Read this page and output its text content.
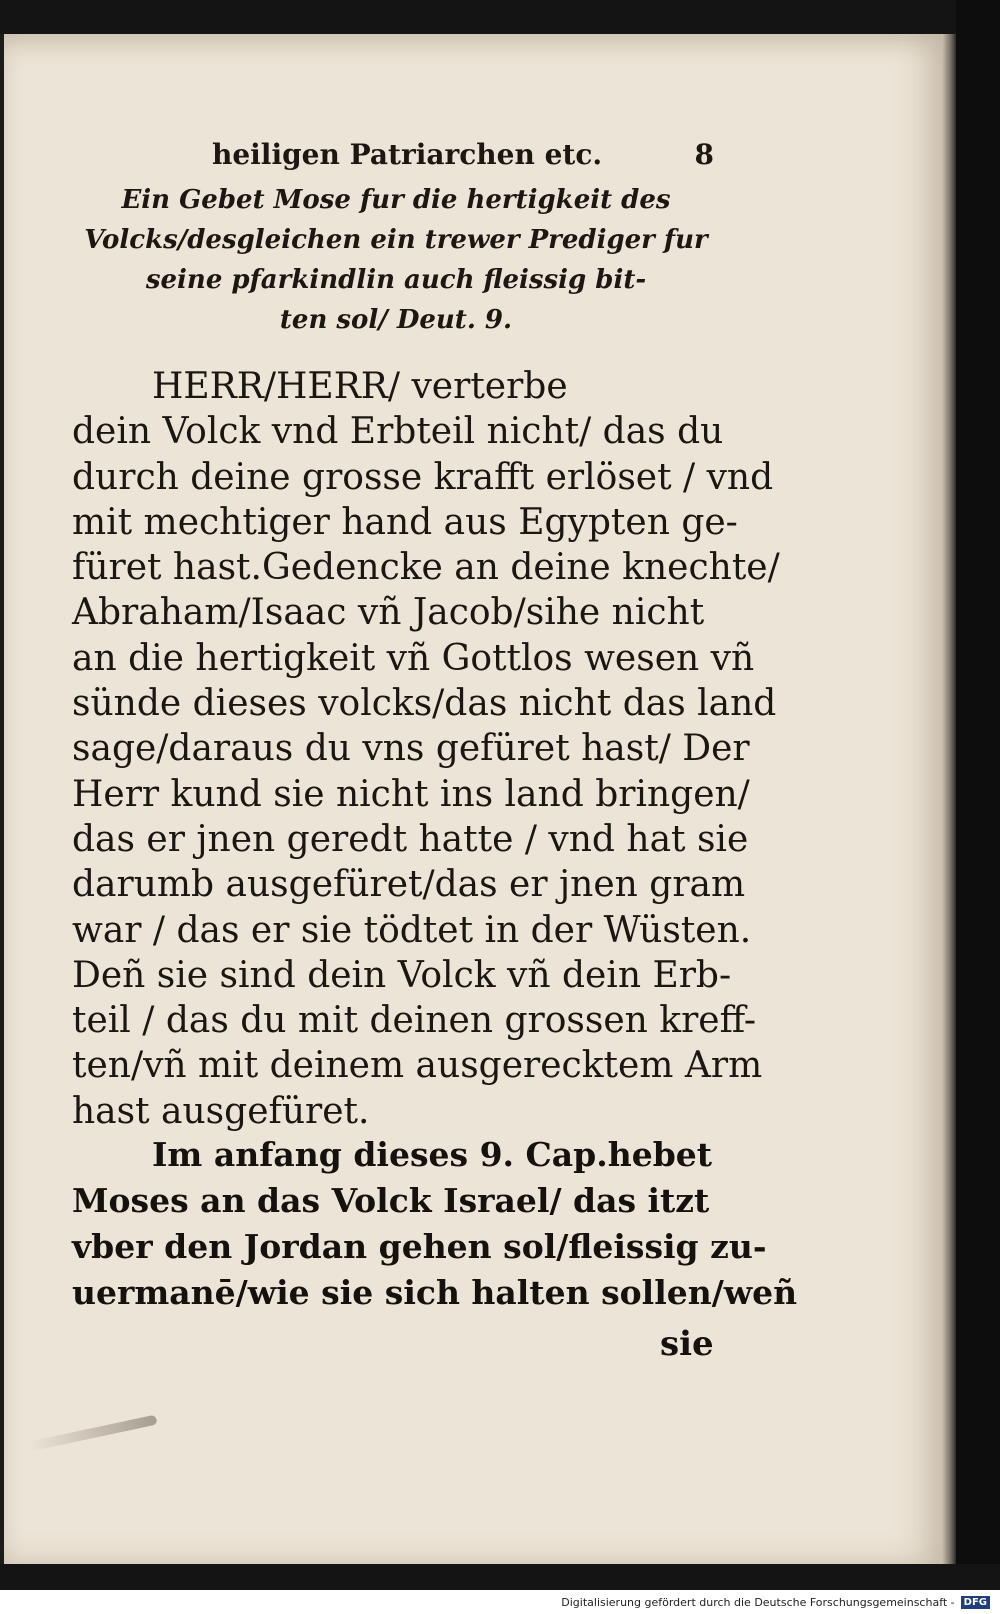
heiligen Patriarchen etc.	8
Ein Gebet Mose fur die hertigkeit des
Volcks/desgleichen ein trewer Prediger fur
seine pfarkindlin auch fleissig bit-
ten sol/ Deut. 9.
HERR/HERR/ verterbe
dein Volck vnd Erbteil nicht/ das du
durch deine grosse krafft erlöset / vnd
mit mechtiger hand aus Egypten ge-
füret hast.Gedencke an deine knechte/
Abraham/Isaac vñ Jacob/sihe nicht
an die hertigkeit vñ Gottlos wesen vñ
sünde dieses volcks/das nicht das land
sage/daraus du vns gefüret hast/ Der
Herr kund sie nicht ins land bringen/
das er jnen geredt hatte / vnd hat sie
darumb ausgefüret/das er jnen gram
war / das er sie tödtet in der Wüsten.
Deñ sie sind dein Volck vñ dein Erb-
teil / das du mit deinen grossen kreff-
ten/vñ mit deinem ausgerecktem Arm
hast ausgefüret.
Im anfang dieses 9. Cap.hebet
Moses an das Volck Israel/ das itzt
vber den Jordan gehen sol/fleissig zu-
uermanē/wie sie sich halten sollen/weñ
sie
Digitalisierung gefördert durch die Deutsche Forschungsgemeinschaft - DFG
